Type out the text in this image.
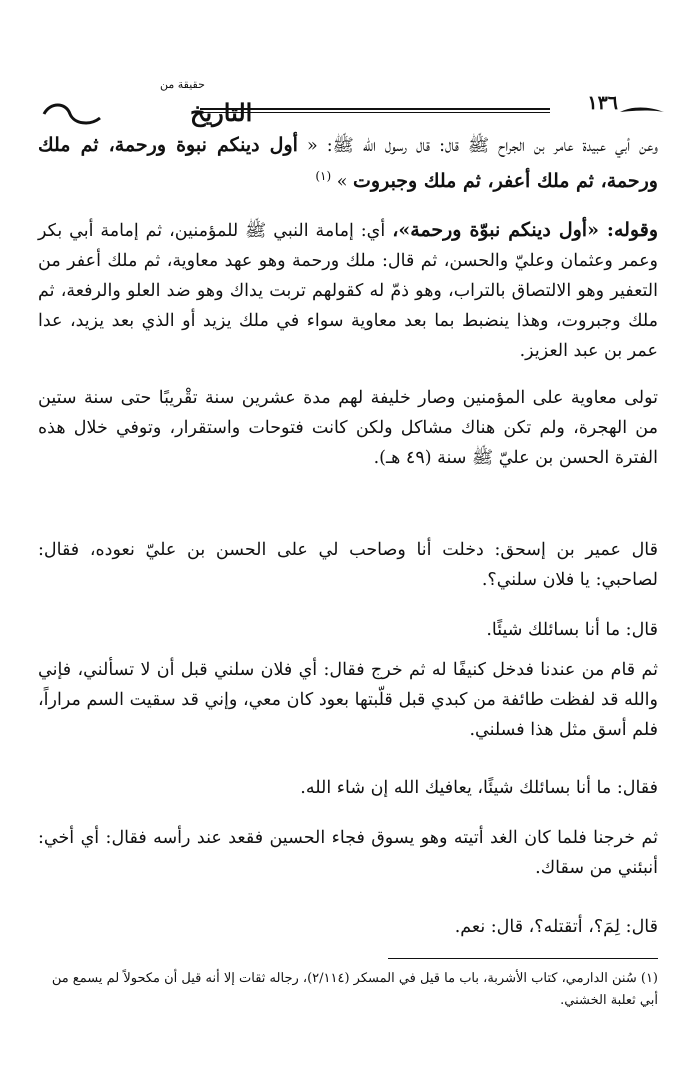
١٣٦
حقيقة من
التاريخ

وعن أبي عبيدة عامر بن الجراح ﷺ قال: قال رسول الله ﷺ: « أول دينكم نبوة ورحمة، ثم ملك ورحمة، ثم ملك أعفر، ثم ملك وجبروت » $^{(١)}$

وقوله: «أول دينكم نبوّة ورحمة»، أي: إمامة النبي ﷺ للمؤمنين، ثم إمامة أبي بكر وعمر وعثمان وعليّ والحسن، ثم قال: ملك ورحمة وهو عهد معاوية، ثم ملك أعفر من التعفير وهو الالتصاق بالتراب، وهو ذمّ له كقولهم تربت يداك وهو ضد العلو والرفعة، ثم ملك وجبروت، وهذا ينضبط بما بعد معاوية سواء في ملك يزيد أو الذي بعد يزيد، عدا عمر بن عبد العزيز.

تولى معاوية على المؤمنين وصار خليفة لهم مدة عشرين سنة تقْريبًا حتى سنة ستين من الهجرة، ولم تكن هناك مشاكل ولكن كانت فتوحات واستقرار، وتوفي خلال هذه الفترة الحسن بن عليّ ﷺ سنة (٤٩ هـ).

قال عمير بن إسحق: دخلت أنا وصاحب لي على الحسن بن عليّ نعوده، فقال: لصاحبي: يا فلان سلني؟.

قال: ما أنا بسائلك شيئًا.

ثم قام من عندنا فدخل كنيفًا له ثم خرج فقال: أي فلان سلني قبل أن لا تسألني، فإني والله قد لفظت طائفة من كبدي قبل قلّبتها بعود كان معي، وإني قد سقيت السم مراراً، فلم أسق مثل هذا فسلني.

فقال: ما أنا بسائلك شيئًا، يعافيك الله إن شاء الله.

ثم خرجنا فلما كان الغد أتيته وهو يسوق فجاء الحسين فقعد عند رأسه فقال: أي أخي: أنبئني من سقاك.

قال: لِمَ؟، أتقتله؟، قال: نعم.

(١) سُنن الدارمي، كتاب الأشربة، باب ما قيل في المسكر (٢/١١٤)، رجاله ثقات إلا أنه قيل أن مكحولاً لم يسمع من أبي ثعلبة الخشني.
